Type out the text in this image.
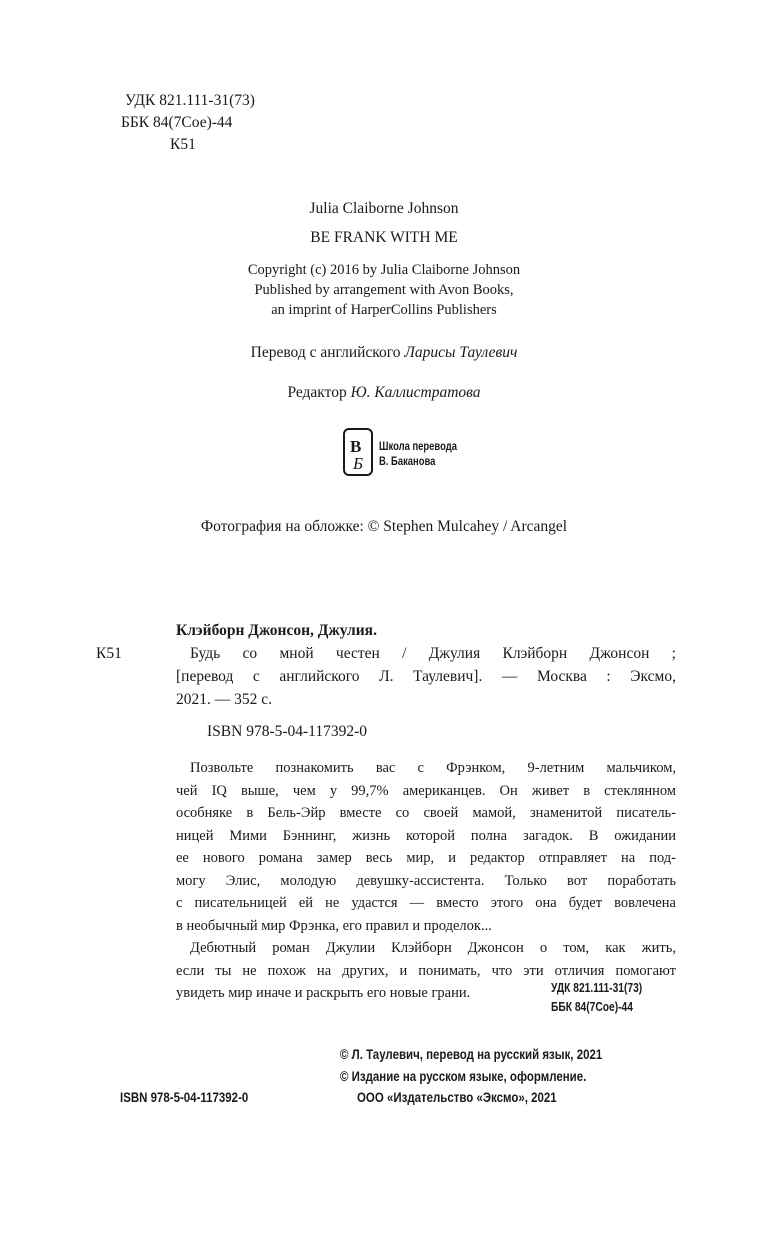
УДК 821.111-31(73)
ББК 84(7Сое)-44
К51
Julia Claiborne Johnson
BE FRANK WITH ME
Copyright (c) 2016 by Julia Claiborne Johnson
Published by arrangement with Avon Books,
an imprint of HarperCollins Publishers
Перевод с английского Ларисы Таулевич
Редактор Ю. Каллистратова
B
Б
Школа перевода
В. Баканова
Фотография на обложке: © Stephen Mulcahey / Arcangel
Клэйборн Джонсон, Джулия.
К51	Будь со мной честен / Джулия Клэйборн Джонсон ;
[перевод с английского Л. Таулевич]. — Москва : Эксмо,
2021. — 352 с.
ISBN 978-5-04-117392-0
Позвольте познакомить вас с Фрэнком, 9-летним мальчиком,
чей IQ выше, чем у 99,7% американцев. Он живет в стеклянном
особняке в Бель-Эйр вместе со своей мамой, знаменитой писатель-
ницей Мими Бэннинг, жизнь которой полна загадок. В ожидании
ее нового романа замер весь мир, и редактор отправляет на под-
могу Элис, молодую девушку-ассистента. Только вот поработать
с писательницей ей не удастся — вместо этого она будет вовлечена
в необычный мир Фрэнка, его правил и проделок...
Дебютный роман Джулии Клэйборн Джонсон о том, как жить,
если ты не похож на других, и понимать, что эти отличия помогают
увидеть мир иначе и раскрыть его новые грани.	УДК 821.111-31(73)
ББК 84(7Сое)-44
© Л. Таулевич, перевод на русский язык, 2021
© Издание на русском языке, оформление.
ISBN 978-5-04-117392-0	ООО «Издательство «Эксмо», 2021
